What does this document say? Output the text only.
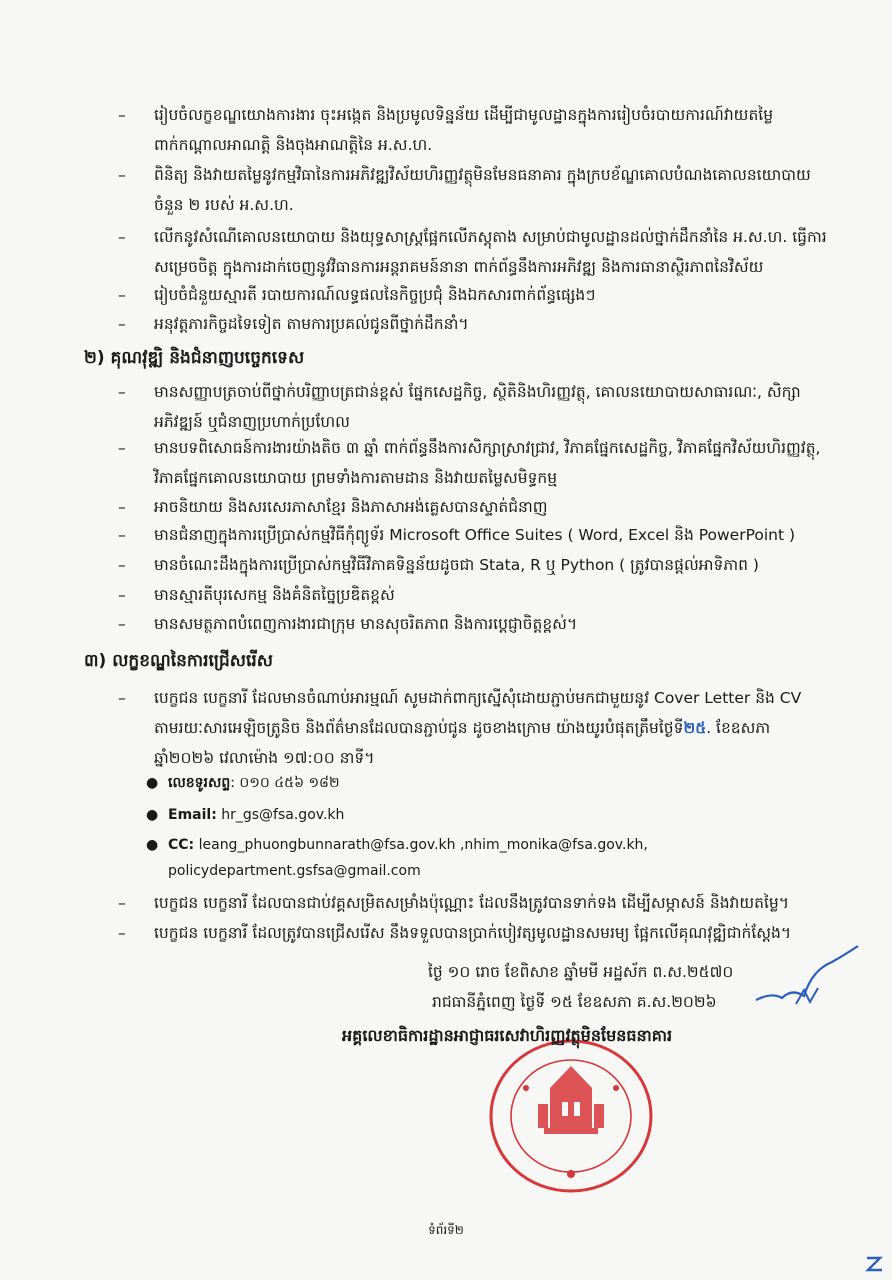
–	រៀបចំលក្ខខណ្ឌយោងការងារ ចុះអង្កេត និងប្រមូលទិន្នន័យ ដើម្បីជាមូលដ្ឋានក្នុងការរៀបចំរបាយការណ៍វាយតម្លៃ ពាក់កណ្ដាលអាណត្តិ និងចុងអាណត្តិនៃ អ.ស.ហ.
–	ពិនិត្យ និងវាយតម្លៃនូវកម្មវិធានៃការអភិវឌ្ឍវិស័យហិរញ្ញវត្ថុមិនមែនធនាគារ ក្នុងក្របខ័ណ្ឌគោលបំណងគោលនយោបាយចំនួន ២ របស់ អ.ស.ហ.
–	លើកនូវសំណើគោលនយោបាយ និងយុទ្ធសាស្ត្រផ្អែកលើភស្តុតាង សម្រាប់ជាមូលដ្ឋានដល់ថ្នាក់ដឹកនាំនៃ អ.ស.ហ. ធ្វើការសម្រេចចិត្ត ក្នុងការដាក់ចេញនូវវិធានការអន្តរាគមន៍នានា ពាក់ព័ន្ធនឹងការអភិវឌ្ឍ និងការធានាស្ថិរភាពនៃវិស័យ
–	រៀបចំជំនួយស្មារតី របាយការណ៍លទ្ធផលនៃកិច្ចប្រជុំ និងឯកសារពាក់ព័ន្ធផ្សេងៗ
–	អនុវត្តភារកិច្ចដទៃទៀត តាមការប្រគល់ជូនពីថ្នាក់ដឹកនាំ។
២) គុណវុឌ្ឍិ និងជំនាញបច្ចេកទេស
–	មានសញ្ញាបត្រចាប់ពីថ្នាក់បរិញ្ញាបត្រជាន់ខ្ពស់ ផ្នែកសេដ្ឋកិច្ច, ស្ថិតិនិងហិរញ្ញវត្ថុ, គោលនយោបាយសាធារណៈ, សិក្សាអភិវឌ្ឍន៍ ឬជំនាញប្រហាក់ប្រហែល
–	មានបទពិសោធន៍ការងារយ៉ាងតិច ៣ ឆ្នាំ ពាក់ព័ន្ធនឹងការសិក្សាស្រាវជ្រាវ, វិភាគផ្នែកសេដ្ឋកិច្ច, វិភាគផ្នែកវិស័យហិរញ្ញវត្ថុ, វិភាគផ្នែកគោលនយោបាយ ព្រមទាំងការតាមដាន និងវាយតម្លៃសមិទ្ធកម្ម
–	អាចនិយាយ និងសរសេរភាសាខ្មែរ និងភាសាអង់គ្លេសបានស្ទាត់ជំនាញ
–	មានជំនាញក្នុងការប្រើប្រាស់កម្មវិធីកុំព្យូទ័រ Microsoft Office Suites ( Word, Excel និង PowerPoint )
–	មានចំណេះដឹងក្នុងការប្រើប្រាស់កម្មវិធីវិភាគទិន្នន័យដូចជា Stata, R ឬ Python ( ត្រូវបានផ្តល់អាទិភាព )
–	មានស្មារតីបុរសេកម្ម និងគំនិតច្នៃប្រឌិតខ្ពស់
–	មានសមត្ថភាពបំពេញការងារជាក្រុម មានសុចរិតភាព និងការប្តេជ្ញាចិត្តខ្ពស់។
៣) លក្ខខណ្ឌនៃការជ្រើសរើស
–	បេក្ខជន បេក្ខនារី ដែលមានចំណាប់អារម្មណ៍ សូមដាក់ពាក្យស្នើសុំដោយភ្ជាប់មកជាមួយនូវ Cover Letter និង CV
តាមរយៈសារអេឡិចត្រូនិច និងព័ត៌មានដែលបានភ្ជាប់ជូន ដូចខាងក្រោម យ៉ាងយូរបំផុតត្រឹមថ្ងៃទី២៥. ខែឧសភា
ឆ្នាំ២០២៦ វេលាម៉ោង ១៧:០០ នាទី។
● លេខទូរសព្ទ: ០១០ ៤៥៦ ១៨២
● Email: hr_gs@fsa.gov.kh
● CC: leang_phuongbunnarath@fsa.gov.kh ,nhim_monika@fsa.gov.kh,
policydepartment.gsfsa@gmail.com
–	បេក្ខជន បេក្ខនារី ដែលបានជាប់វគ្គសម្រិតសម្រាំងប៉ុណ្ណោះ ដែលនឹងត្រូវបានទាក់ទង ដើម្បីសម្ភាសន៍ និងវាយតម្លៃ។
–	បេក្ខជន បេក្ខនារី ដែលត្រូវបានជ្រើសរើស នឹងទទួលបានប្រាក់បៀវត្សមូលដ្ឋានសមរម្យ ផ្អែកលើគុណវុឌ្ឍិជាក់ស្តែង។
ថ្ងៃ ១០ រោច ខែពិសាខ ឆ្នាំមមី អដ្ឋស័ក ព.ស.២៥៧០
រាជធានីភ្នំពេញ ថ្ងៃទី ១៥ ខែឧសភា គ.ស.២០២៦
អគ្គលេខាធិការដ្ឋានអាជ្ញាធរសេវាហិរញ្ញវត្ថុមិនមែនធនាគារ
ទំព័រទី២
